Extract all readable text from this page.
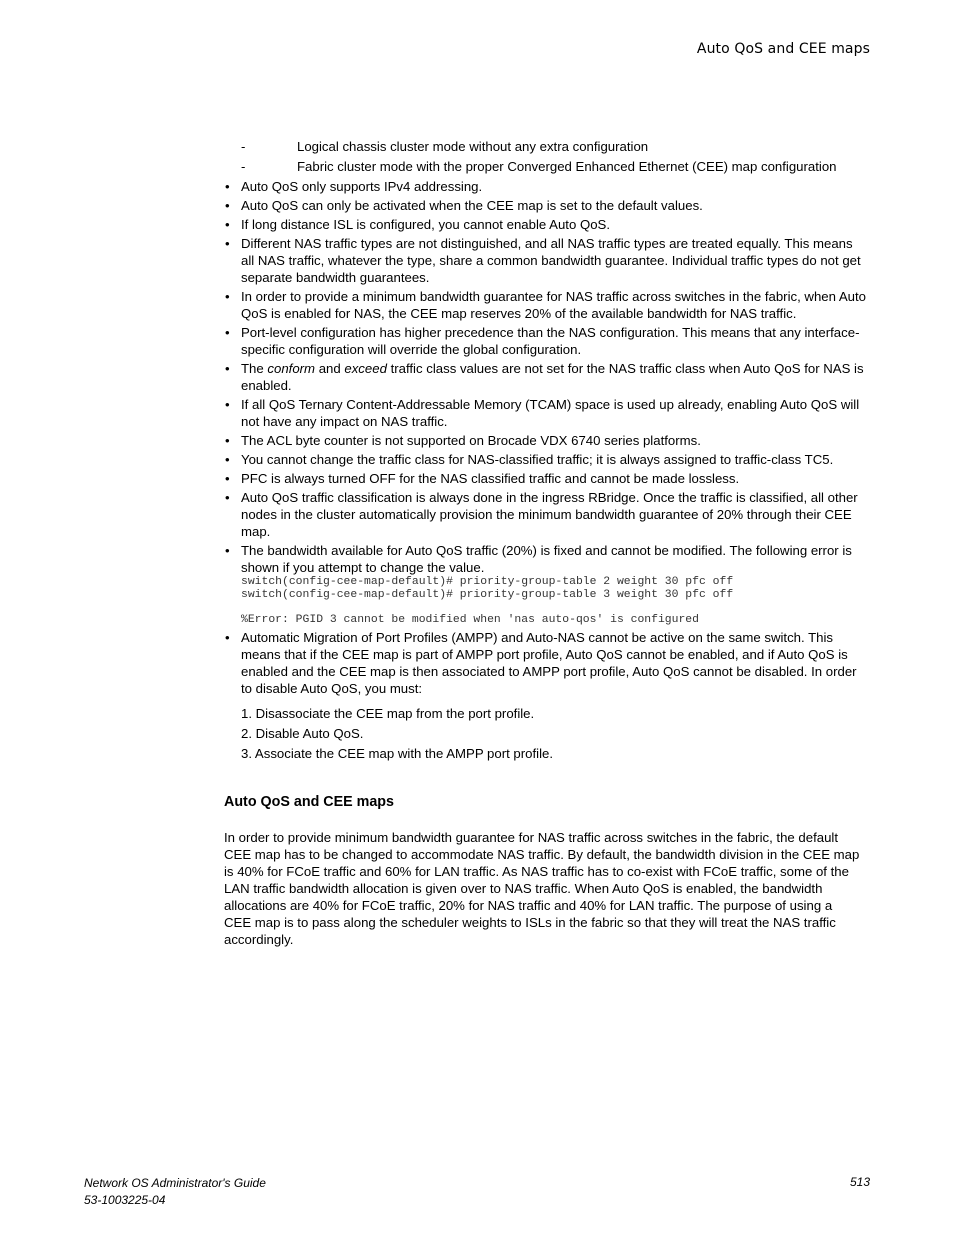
Auto QoS and CEE maps
-	Logical chassis cluster mode without any extra configuration
-	Fabric cluster mode with the proper Converged Enhanced Ethernet (CEE) map configuration
• Auto QoS only supports IPv4 addressing.
• Auto QoS can only be activated when the CEE map is set to the default values.
• If long distance ISL is configured, you cannot enable Auto QoS.
• Different NAS traffic types are not distinguished, and all NAS traffic types are treated equally. This means all NAS traffic, whatever the type, share a common bandwidth guarantee. Individual traffic types do not get separate bandwidth guarantees.
• In order to provide a minimum bandwidth guarantee for NAS traffic across switches in the fabric, when Auto QoS is enabled for NAS, the CEE map reserves 20% of the available bandwidth for NAS traffic.
• Port-level configuration has higher precedence than the NAS configuration. This means that any interface-specific configuration will override the global configuration.
• The conform and exceed traffic class values are not set for the NAS traffic class when Auto QoS for NAS is enabled.
• If all QoS Ternary Content-Addressable Memory (TCAM) space is used up already, enabling Auto QoS will not have any impact on NAS traffic.
• The ACL byte counter is not supported on Brocade VDX 6740 series platforms.
• You cannot change the traffic class for NAS-classified traffic; it is always assigned to traffic-class TC5.
• PFC is always turned OFF for the NAS classified traffic and cannot be made lossless.
• Auto QoS traffic classification is always done in the ingress RBridge. Once the traffic is classified, all other nodes in the cluster automatically provision the minimum bandwidth guarantee of 20% through their CEE map.
• The bandwidth available for Auto QoS traffic (20%) is fixed and cannot be modified. The following error is shown if you attempt to change the value.
switch(config-cee-map-default)# priority-group-table 2 weight 30 pfc off
switch(config-cee-map-default)# priority-group-table 3 weight 30 pfc off
%Error: PGID 3 cannot be modified when 'nas auto-qos' is configured
• Automatic Migration of Port Profiles (AMPP) and Auto-NAS cannot be active on the same switch. This means that if the CEE map is part of AMPP port profile, Auto QoS cannot be enabled, and if Auto QoS is enabled and the CEE map is then associated to AMPP port profile, Auto QoS cannot be disabled. In order to disable Auto QoS, you must:
1. Disassociate the CEE map from the port profile.
2. Disable Auto QoS.
3. Associate the CEE map with the AMPP port profile.
Auto QoS and CEE maps
In order to provide minimum bandwidth guarantee for NAS traffic across switches in the fabric, the default CEE map has to be changed to accommodate NAS traffic. By default, the bandwidth division in the CEE map is 40% for FCoE traffic and 60% for LAN traffic. As NAS traffic has to co-exist with FCoE traffic, some of the LAN traffic bandwidth allocation is given over to NAS traffic. When Auto QoS is enabled, the bandwidth allocations are 40% for FCoE traffic, 20% for NAS traffic and 40% for LAN traffic. The purpose of using a CEE map is to pass along the scheduler weights to ISLs in the fabric so that they will treat the NAS traffic accordingly.
Network OS Administrator's Guide
53-1003225-04
513
